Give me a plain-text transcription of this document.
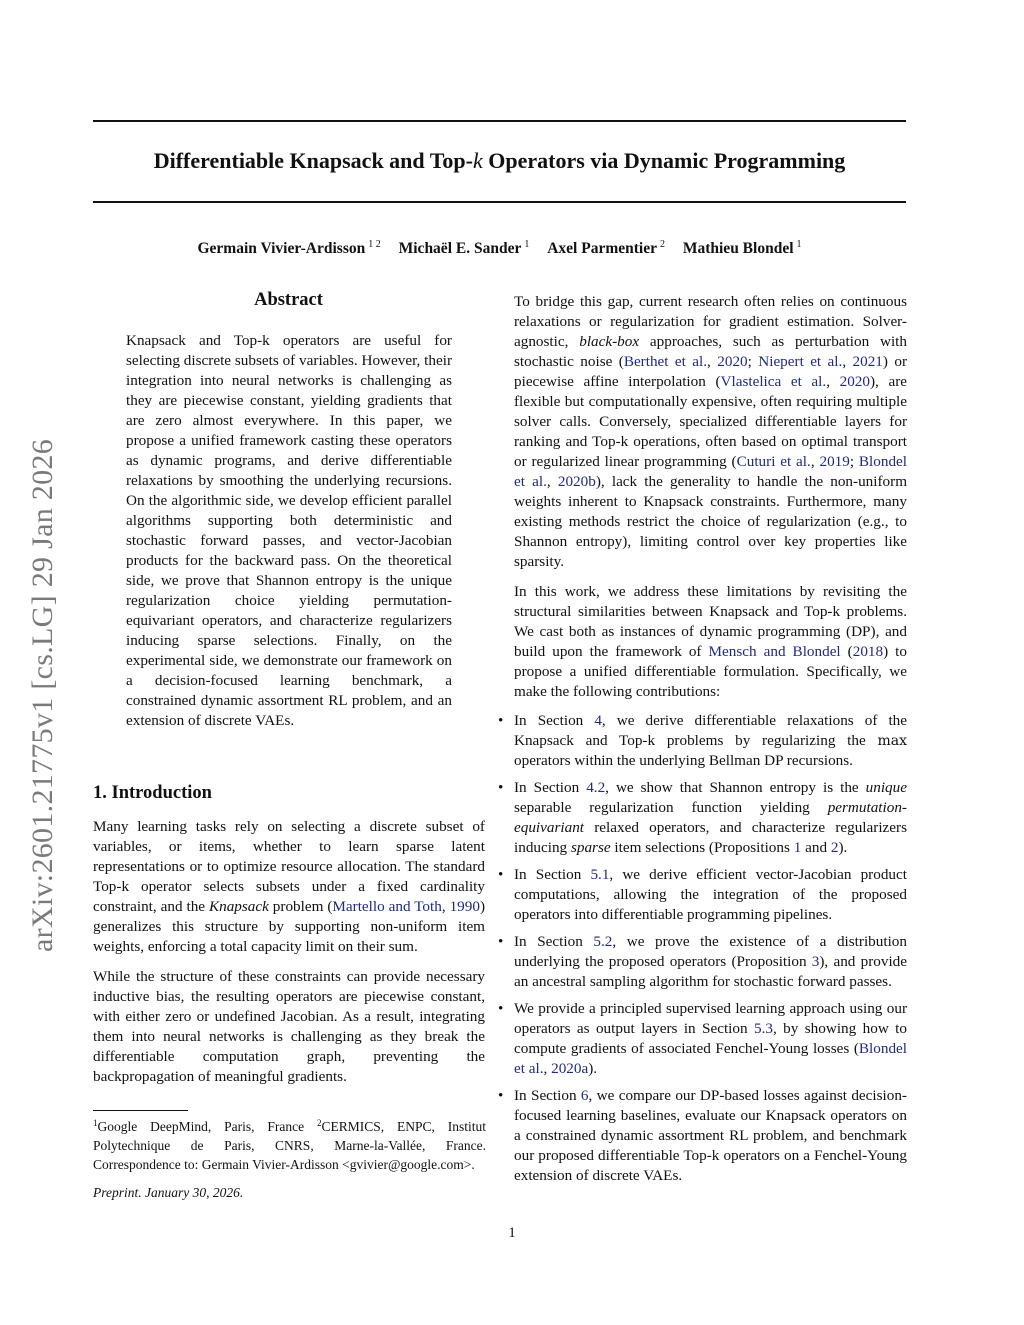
arXiv:2601.21775v1 [cs.LG] 29 Jan 2026
Differentiable Knapsack and Top-k Operators via Dynamic Programming
Germain Vivier-Ardisson $^{1 2}$ Michaël E. Sander $^1$ Axel Parmentier $^2$ Mathieu Blondel $^1$
Abstract
Knapsack and Top-k operators are useful for selecting discrete subsets of variables. However, their integration into neural networks is challenging as they are piecewise constant, yielding gradients that are zero almost everywhere. In this paper, we propose a unified framework casting these operators as dynamic programs, and derive differentiable relaxations by smoothing the underlying recursions. On the algorithmic side, we develop efficient parallel algorithms supporting both deterministic and stochastic forward passes, and vector-Jacobian products for the backward pass. On the theoretical side, we prove that Shannon entropy is the unique regularization choice yielding permutation-equivariant operators, and characterize regularizers inducing sparse selections. Finally, on the experimental side, we demonstrate our framework on a decision-focused learning benchmark, a constrained dynamic assortment RL problem, and an extension of discrete VAEs.
1. Introduction
Many learning tasks rely on selecting a discrete subset of variables, or items, whether to learn sparse latent representations or to optimize resource allocation. The standard Top-k operator selects subsets under a fixed cardinality constraint, and the Knapsack problem (Martello and Toth, 1990) generalizes this structure by supporting non-uniform item weights, enforcing a total capacity limit on their sum.
While the structure of these constraints can provide necessary inductive bias, the resulting operators are piecewise constant, with either zero or undefined Jacobian. As a result, integrating them into neural networks is challenging as they break the differentiable computation graph, preventing the backpropagation of meaningful gradients.
To bridge this gap, current research often relies on continuous relaxations or regularization for gradient estimation. Solver-agnostic, black-box approaches, such as perturbation with stochastic noise (Berthet et al., 2020; Niepert et al., 2021) or piecewise affine interpolation (Vlastelica et al., 2020), are flexible but computationally expensive, often requiring multiple solver calls. Conversely, specialized differentiable layers for ranking and Top-k operations, often based on optimal transport or regularized linear programming (Cuturi et al., 2019; Blondel et al., 2020b), lack the generality to handle the non-uniform weights inherent to Knapsack constraints. Furthermore, many existing methods restrict the choice of regularization (e.g., to Shannon entropy), limiting control over key properties like sparsity.
In this work, we address these limitations by revisiting the structural similarities between Knapsack and Top-k problems. We cast both as instances of dynamic programming (DP), and build upon the framework of Mensch and Blondel (2018) to propose a unified differentiable formulation. Specifically, we make the following contributions:
• In Section 4, we derive differentiable relaxations of the Knapsack and Top-k problems by regularizing the max operators within the underlying Bellman DP recursions.
• In Section 4.2, we show that Shannon entropy is the unique separable regularization function yielding permutation-equivariant relaxed operators, and characterize regularizers inducing sparse item selections (Propositions 1 and 2).
• In Section 5.1, we derive efficient vector-Jacobian product computations, allowing the integration of the proposed operators into differentiable programming pipelines.
• In Section 5.2, we prove the existence of a distribution underlying the proposed operators (Proposition 3), and provide an ancestral sampling algorithm for stochastic forward passes.
• We provide a principled supervised learning approach using our operators as output layers in Section 5.3, by showing how to compute gradients of associated Fenchel-Young losses (Blondel et al., 2020a).
• In Section 6, we compare our DP-based losses against decision-focused learning baselines, evaluate our Knapsack operators on a constrained dynamic assortment RL problem, and benchmark our proposed differentiable Top-k operators on a Fenchel-Young extension of discrete VAEs.
$^1$Google DeepMind, Paris, France $^2$CERMICS, ENPC, Institut Polytechnique de Paris, CNRS, Marne-la-Vallée, France. Correspondence to: Germain Vivier-Ardisson <gvivier@google.com>.
Preprint. January 30, 2026.
1
